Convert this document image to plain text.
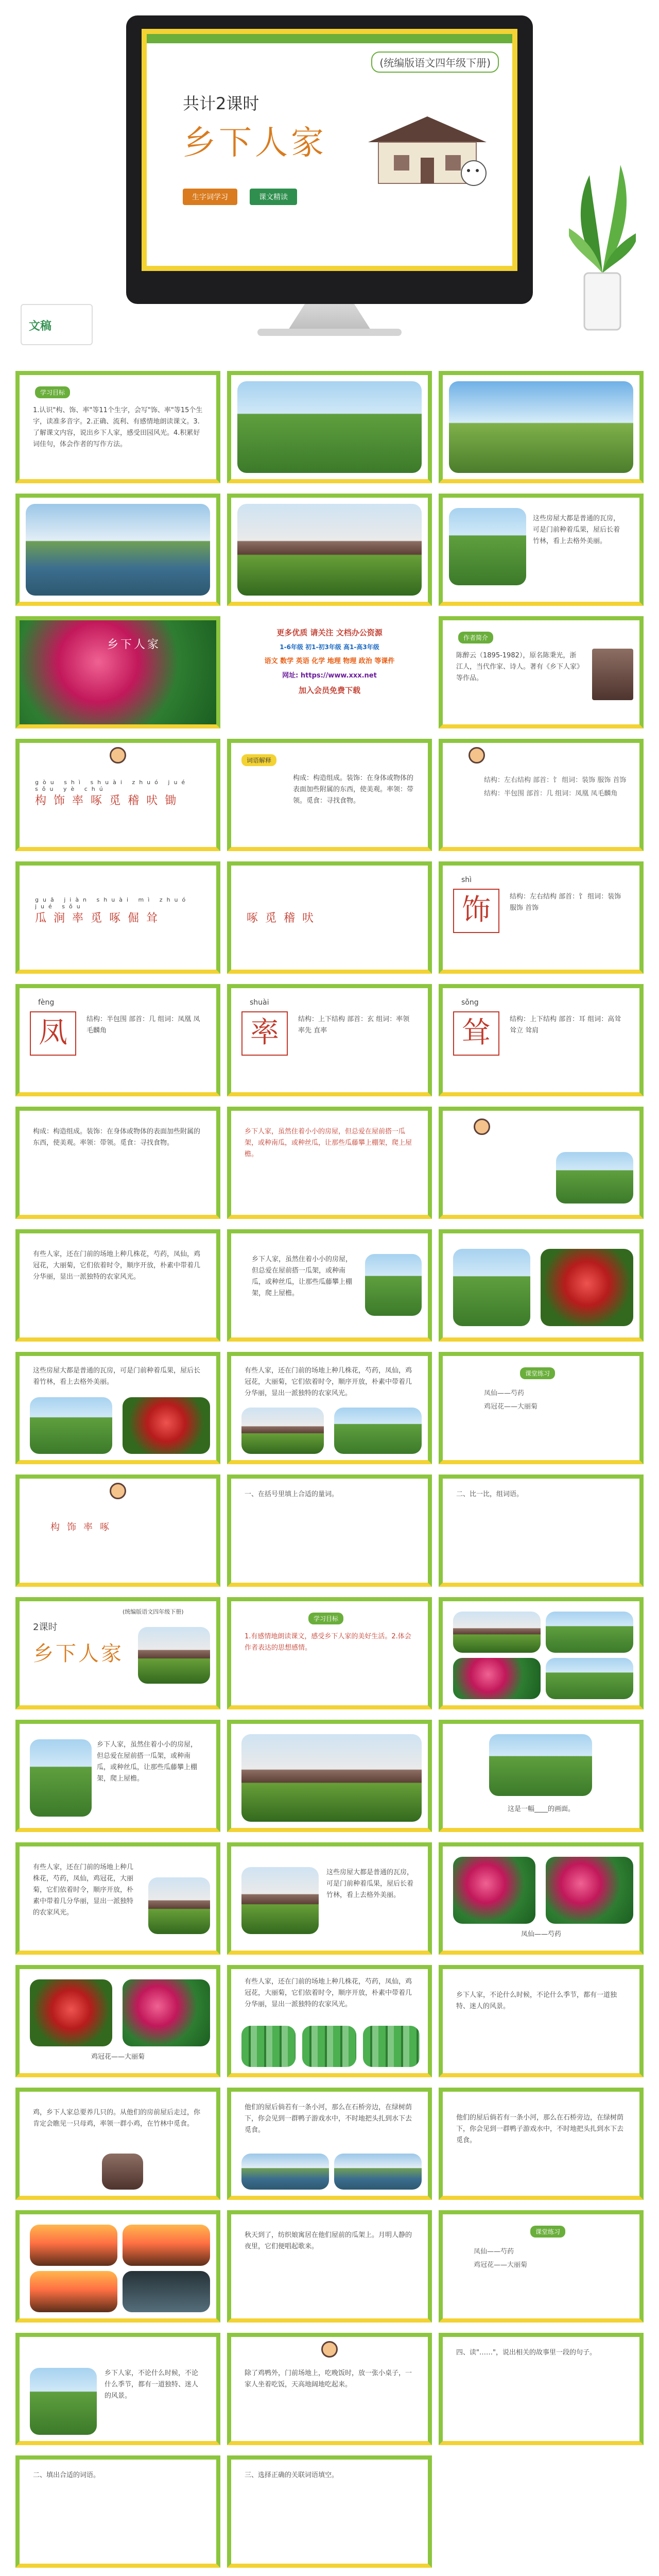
(统编版语文四年级下册)
共计2课时
乡下人家
生字词学习	课文精读
文稿
学习目标
1.认识"构、饰、率"等11个生字，会写"饰、率"等15个生字，读准多音字。2.正确、流利、有感情地朗读课文。3.了解课文内容，说出乡下人家，感受田园风光。4.积累好词佳句，体会作者的写作方法。
这些房屋大都是普通的瓦房，可是门前种着瓜果，屋后长着竹林，看上去格外美丽。
乡下人家
更多优质 请关注 文档办公资源
1-6年级 初1-初3年级 高1-高3年级
语文 数学 英语 化学 地理 物理 政治 等课件
网址: https://www.xxx.net
加入会员免费下载
作者简介
陈醉云（1895-1982），原名陈秉光，浙江人，当代作家、诗人。著有《乡下人家》等作品。
gòu shì shuài zhuó jué sǒu yè chú
构饰率啄觅稽吠锄
词语解释
构成：构造组成。装饰：在身体或物体的表面加些附属的东西，使美观。率领：带领。觅食：寻找食物。
结构：左右结构 部首：饣 组词：装饰 服饰 首饰
结构：半包围 部首：几 组词：凤凰 凤毛麟角
guā jiàn shuài mì zhuó jué sǒu
瓜涧率觅啄倔耸	啄觅稽吠
shì
饰	结构：左右结构 部首：饣 组词：装饰 服饰 首饰
fèng
凤	结构：半包围 部首：几 组词：凤凰 凤毛麟角
shuài
率	结构：上下结构 部首：玄 组词：率领 率先 直率
sǒng
耸	结构：上下结构 部首：耳 组词：高耸 耸立 耸肩
构成：构造组成。装饰：在身体或物体的表面加些附属的东西，使美观。率领：带领。觅食：寻找食物。
乡下人家，虽然住着小小的房屋，但总爱在屋前搭一瓜架，或种南瓜，或种丝瓜，让那些瓜藤攀上棚架，爬上屋檐。
有些人家，还在门前的场地上种几株花，芍药，凤仙，鸡冠花，大丽菊，它们依着时令，顺序开放，朴素中带着几分华丽，显出一派独特的农家风光。
乡下人家，虽然住着小小的房屋，但总爱在屋前搭一瓜架，或种南瓜，或种丝瓜，让那些瓜藤攀上棚架，爬上屋檐。
这些房屋大都是普通的瓦房，可是门前种着瓜果，屋后长着竹林，看上去格外美丽。
有些人家，还在门前的场地上种几株花，芍药，凤仙，鸡冠花，大丽菊，它们依着时令，顺序开放，朴素中带着几分华丽，显出一派独特的农家风光。
课堂练习
凤仙——芍药
鸡冠花——大丽菊
构饰率啄
一、在括号里填上合适的量词。	二、比一比，组词语。
(统编版语文四年级下册)
2课时
乡下人家
学习目标
1.有感情地朗读课文，感受乡下人家的美好生活。2.体会作者表达的思想感情。
乡下人家，虽然住着小小的房屋，但总爱在屋前搭一瓜架，或种南瓜，或种丝瓜，让那些瓜藤攀上棚架，爬上屋檐。
这是一幅____的画面。
有些人家，还在门前的场地上种几株花，芍药，凤仙，鸡冠花，大丽菊，它们依着时令，顺序开放，朴素中带着几分华丽，显出一派独特的农家风光。
这些房屋大都是普通的瓦房，可是门前种着瓜果，屋后长着竹林，看上去格外美丽。
凤仙——芍药
鸡冠花——大丽菊
有些人家，还在门前的场地上种几株花，芍药，凤仙，鸡冠花，大丽菊，它们依着时令，顺序开放，朴素中带着几分华丽，显出一派独特的农家风光。
乡下人家，不论什么时候，不论什么季节，都有一道独特、迷人的风景。
鸡，乡下人家总要养几只的。从他们的房前屋后走过，你肯定会瞧见一只母鸡，率领一群小鸡，在竹林中觅食。
他们的屋后倘若有一条小河，那么在石桥旁边，在绿树荫下，你会见到一群鸭子游戏水中，不时地把头扎到水下去觅食。
他们的屋后倘若有一条小河，那么在石桥旁边，在绿树荫下，你会见到一群鸭子游戏水中，不时地把头扎到水下去觅食。
秋天到了，纺织娘寓居在他们屋前的瓜架上。月明人静的夜里，它们便唱起歌来。
课堂练习
凤仙——芍药
鸡冠花——大丽菊
乡下人家，不论什么时候，不论什么季节，都有一道独特、迷人的风景。
除了鸡鸭外，门前场地上，吃晚饭时，放一张小桌子，一家人坐着吃饭，天高地阔地吃起来。
四、读"……"，说出相关的故事里一段的句子。
二、填出合适的词语。	三、选择正确的关联词语填空。
